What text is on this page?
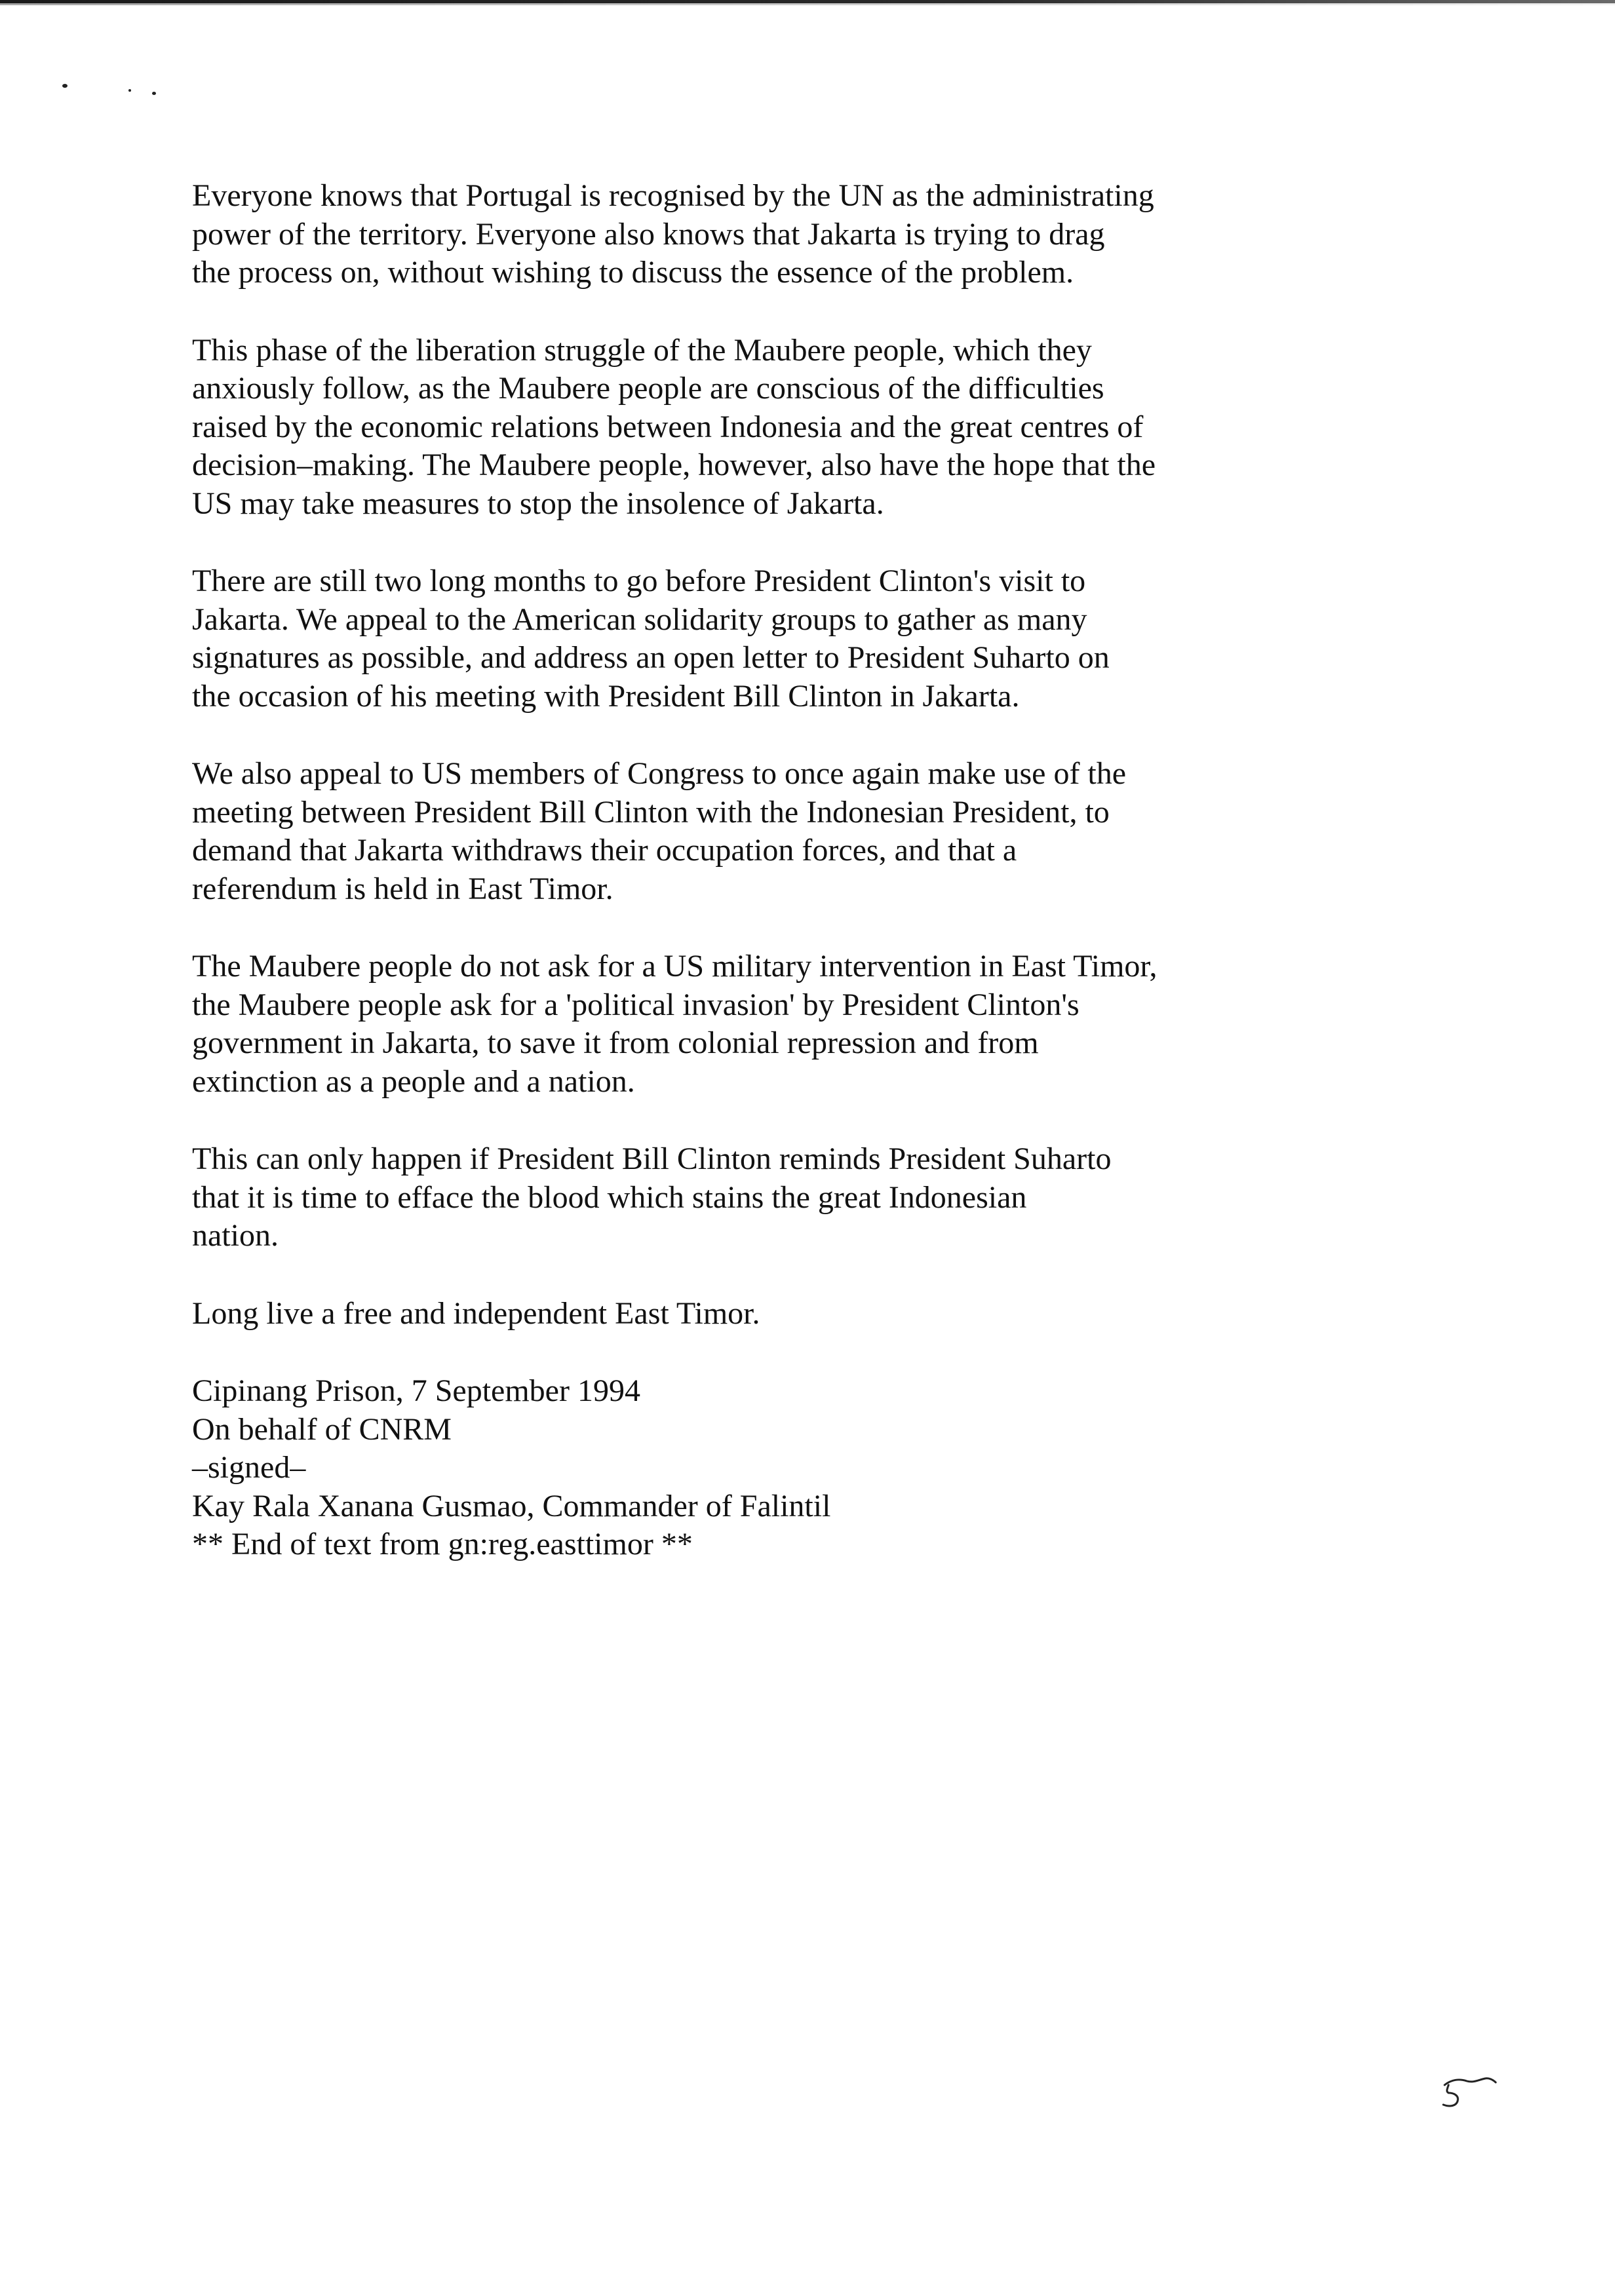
Everyone knows that Portugal is recognised by the UN as the administrating
power of the territory. Everyone also knows that Jakarta is trying to drag
the process on, without wishing to discuss the essence of the problem.

This phase of the liberation struggle of the Maubere people, which they
anxiously follow, as the Maubere people are conscious of the difficulties
raised by the economic relations between Indonesia and the great centres of
decision–making. The Maubere people, however, also have the hope that the
US may take measures to stop the insolence of Jakarta.

There are still two long months to go before President Clinton's visit to
Jakarta. We appeal to the American solidarity groups to gather as many
signatures as possible, and address an open letter to President Suharto on
the occasion of his meeting with President Bill Clinton in Jakarta.

We also appeal to US members of Congress to once again make use of the
meeting between President Bill Clinton with the Indonesian President, to
demand that Jakarta withdraws their occupation forces, and that a
referendum is held in East Timor.

The Maubere people do not ask for a US military intervention in East Timor,
the Maubere people ask for a 'political invasion' by President Clinton's
government in Jakarta, to save it from colonial repression and from
extinction as a people and a nation.

This can only happen if President Bill Clinton reminds President Suharto
that it is time to efface the blood which stains the great Indonesian
nation.

Long live a free and independent East Timor.

Cipinang Prison, 7 September 1994
On behalf of CNRM
–signed–
Kay Rala Xanana Gusmao, Commander of Falintil
** End of text from gn:reg.easttimor **
